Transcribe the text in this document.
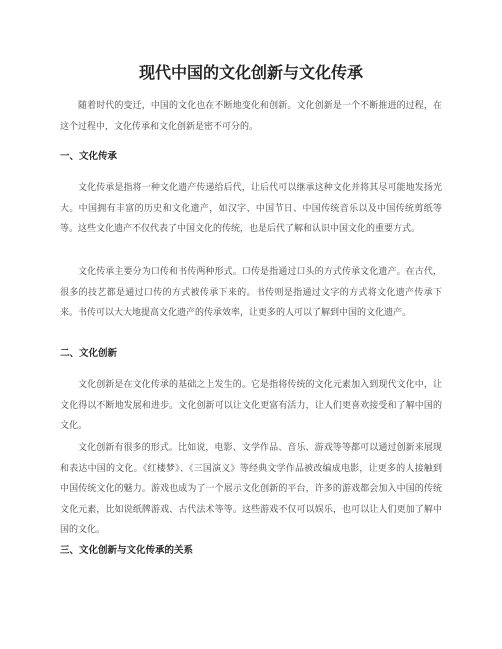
现代中国的文化创新与文化传承

随着时代的变迁，中国的文化也在不断地变化和创新。文化创新是一个不断推进的过程，在这个过程中，文化传承和文化创新是密不可分的。

一、文化传承

文化传承是指将一种文化遗产传递给后代，让后代可以继承这种文化并将其尽可能地发扬光大。中国拥有丰富的历史和文化遗产，如汉字、中国节日、中国传统音乐以及中国传统剪纸等等。这些文化遗产不仅代表了中国文化的传统，也是后代了解和认识中国文化的重要方式。

文化传承主要分为口传和书传两种形式。口传是指通过口头的方式传承文化遗产。在古代，很多的技艺都是通过口传的方式被传承下来的。书传则是指通过文字的方式将文化遗产传承下来。书传可以大大地提高文化遗产的传承效率，让更多的人可以了解到中国的文化遗产。

二、文化创新

文化创新是在文化传承的基础之上发生的。它是指将传统的文化元素加入到现代文化中，让文化得以不断地发展和进步。文化创新可以让文化更富有活力，让人们更喜欢接受和了解中国的文化。

文化创新有很多的形式。比如说，电影、文学作品、音乐、游戏等等都可以通过创新来展现和表达中国的文化。《红楼梦》、《三国演义》等经典文学作品被改编成电影，让更多的人接触到中国传统文化的魅力。游戏也成为了一个展示文化创新的平台，许多的游戏都会加入中国的传统文化元素，比如说纸牌游戏、古代法术等等。这些游戏不仅可以娱乐，也可以让人们更加了解中国的文化。

三、文化创新与文化传承的关系
